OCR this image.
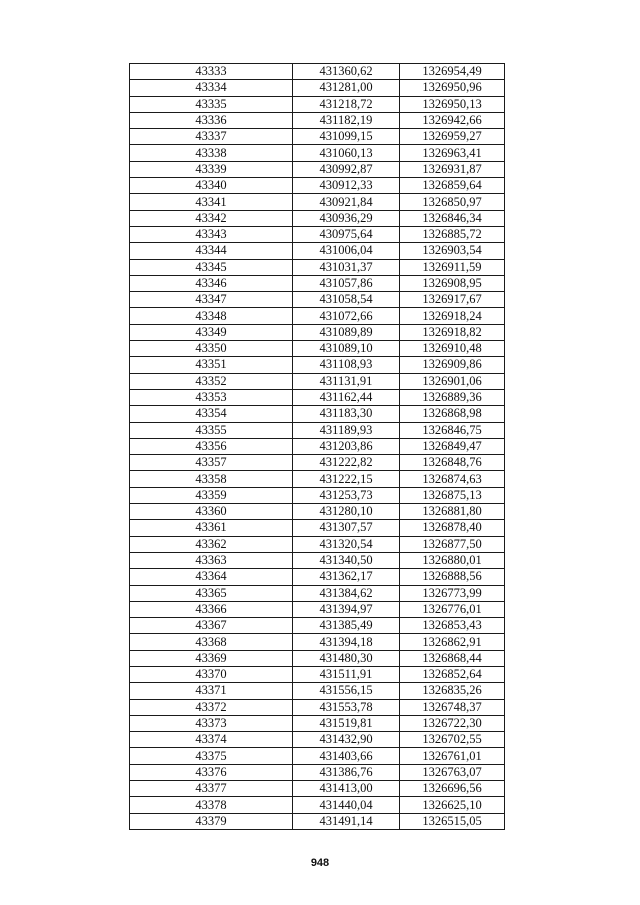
43333	431360,62	1326954,49
43334	431281,00	1326950,96
43335	431218,72	1326950,13
43336	431182,19	1326942,66
43337	431099,15	1326959,27
43338	431060,13	1326963,41
43339	430992,87	1326931,87
43340	430912,33	1326859,64
43341	430921,84	1326850,97
43342	430936,29	1326846,34
43343	430975,64	1326885,72
43344	431006,04	1326903,54
43345	431031,37	1326911,59
43346	431057,86	1326908,95
43347	431058,54	1326917,67
43348	431072,66	1326918,24
43349	431089,89	1326918,82
43350	431089,10	1326910,48
43351	431108,93	1326909,86
43352	431131,91	1326901,06
43353	431162,44	1326889,36
43354	431183,30	1326868,98
43355	431189,93	1326846,75
43356	431203,86	1326849,47
43357	431222,82	1326848,76
43358	431222,15	1326874,63
43359	431253,73	1326875,13
43360	431280,10	1326881,80
43361	431307,57	1326878,40
43362	431320,54	1326877,50
43363	431340,50	1326880,01
43364	431362,17	1326888,56
43365	431384,62	1326773,99
43366	431394,97	1326776,01
43367	431385,49	1326853,43
43368	431394,18	1326862,91
43369	431480,30	1326868,44
43370	431511,91	1326852,64
43371	431556,15	1326835,26
43372	431553,78	1326748,37
43373	431519,81	1326722,30
43374	431432,90	1326702,55
43375	431403,66	1326761,01
43376	431386,76	1326763,07
43377	431413,00	1326696,56
43378	431440,04	1326625,10
43379	431491,14	1326515,05
948
